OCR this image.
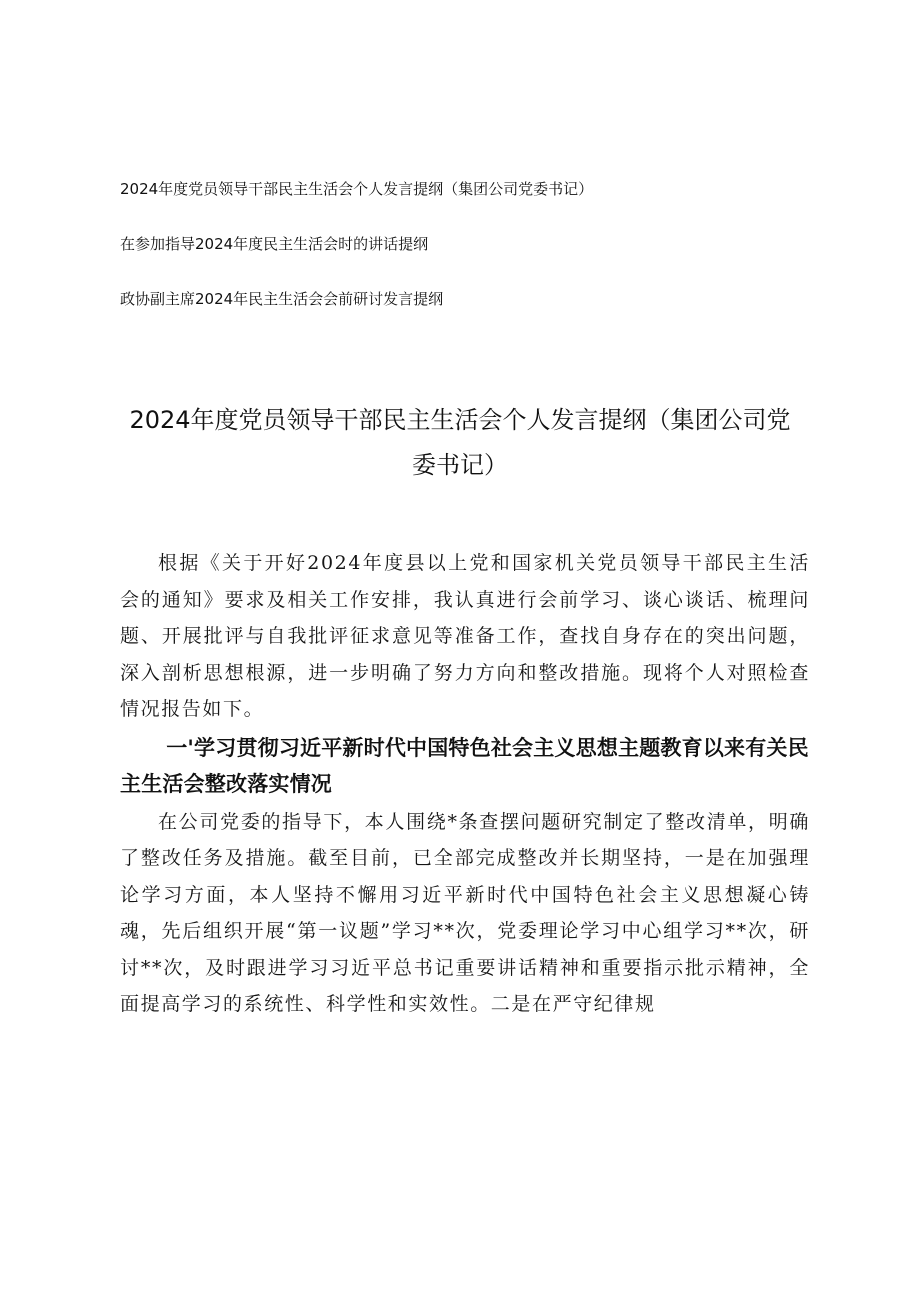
2024年度党员领导干部民主生活会个人发言提纲（集团公司党委书记）
在参加指导2024年度民主生活会时的讲话提纲
政协副主席2024年民主生活会会前研讨发言提纲
2024年度党员领导干部民主生活会个人发言提纲（集团公司党委书记）

根据《关于开好2024年度县以上党和国家机关党员领导干部民主生活会的通知》要求及相关工作安排，我认真进行会前学习、谈心谈话、梳理问题、开展批评与自我批评征求意见等准备工作，查找自身存在的突出问题，深入剖析思想根源，进一步明确了努力方向和整改措施。现将个人对照检查情况报告如下。

一'学习贯彻习近平新时代中国特色社会主义思想主题教育以来有关民主生活会整改落实情况

在公司党委的指导下，本人围绕*条查摆问题研究制定了整改清单，明确了整改任务及措施。截至目前，已全部完成整改并长期坚持，一是在加强理论学习方面，本人坚持不懈用习近平新时代中国特色社会主义思想凝心铸魂，先后组织开展“第一议题”学习**次，党委理论学习中心组学习**次，研讨**次，及时跟进学习习近平总书记重要讲话精神和重要指示批示精神，全面提高学习的系统性、科学性和实效性。二是在严守纪律规
